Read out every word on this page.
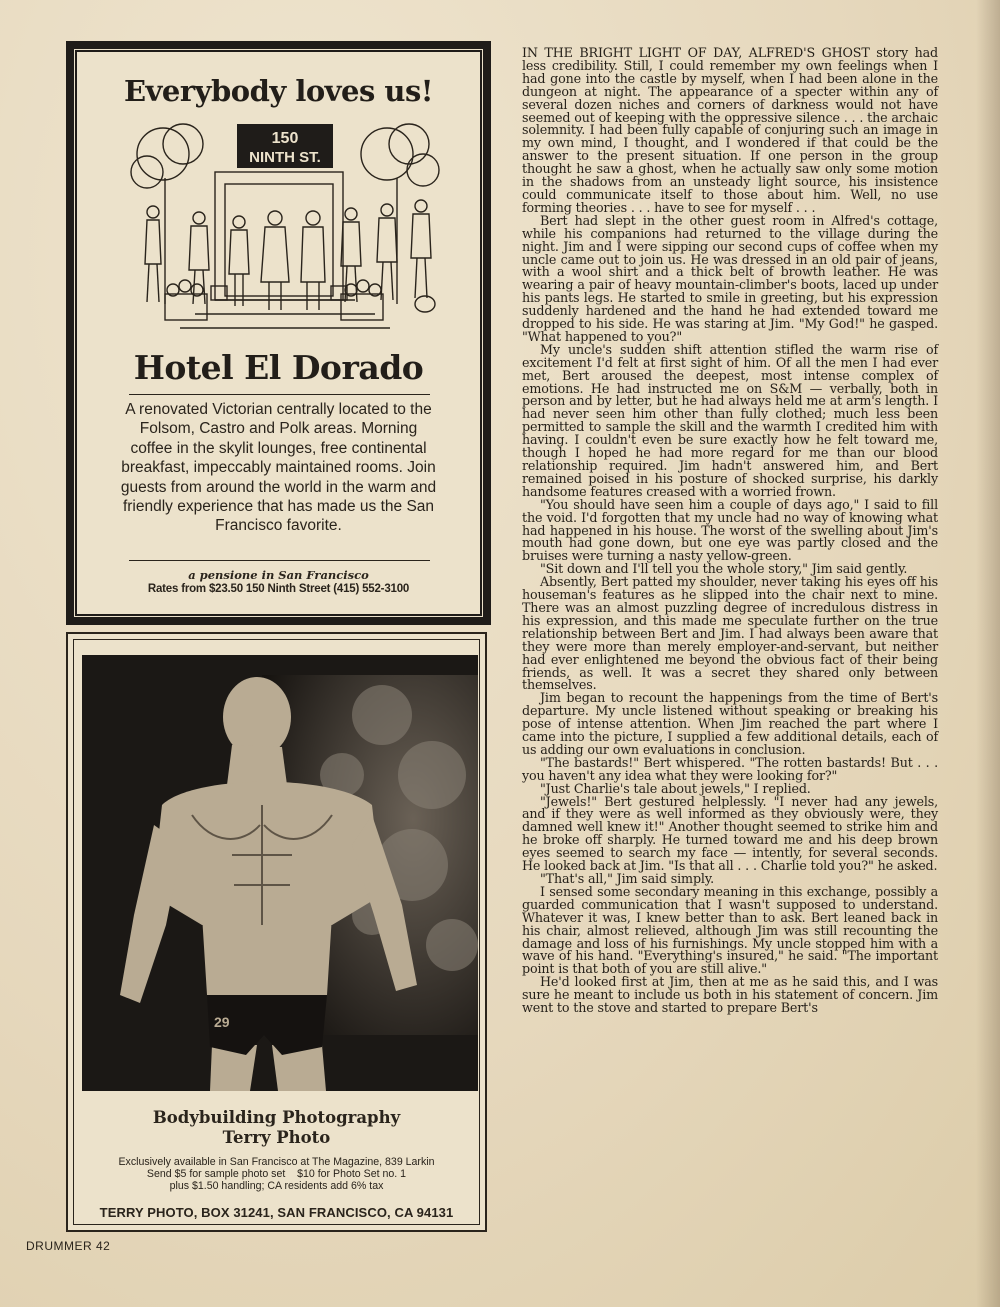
Everybody loves us!
150
NINTH ST.
Hotel El Dorado
A renovated Victorian centrally located to the Folsom, Castro and Polk areas. Morning coffee in the skylit lounges, free continental breakfast, impeccably maintained rooms. Join guests from around the world in the warm and friendly experience that has made us the San Francisco favorite.
a pensione in San Francisco
Rates from $23.50 150 Ninth Street (415) 552-3100
29
Bodybuilding Photography
Terry Photo
Exclusively available in San Francisco at The Magazine, 839 Larkin
Send $5 for sample photo set    $10 for Photo Set no. 1
plus $1.50 handling; CA residents add 6% tax
TERRY PHOTO, BOX 31241, SAN FRANCISCO, CA 94131

IN THE BRIGHT LIGHT OF DAY, ALFRED'S GHOST story had less credibility. Still, I could remember my own feelings when I had gone into the castle by myself, when I had been alone in the dungeon at night. The appearance of a specter within any of several dozen niches and corners of darkness would not have seemed out of keeping with the oppressive silence . . . the archaic solemnity. I had been fully capable of conjuring such an image in my own mind, I thought, and I wondered if that could be the answer to the present situation. If one person in the group thought he saw a ghost, when he actually saw only some motion in the shadows from an unsteady light source, his insistence could communicate itself to those about him. Well, no use forming theories . . . have to see for myself . . .

Bert had slept in the other guest room in Alfred's cottage, while his companions had returned to the village during the night. Jim and I were sipping our second cups of coffee when my uncle came out to join us. He was dressed in an old pair of jeans, with a wool shirt and a thick belt of browth leather. He was wearing a pair of heavy mountain-climber's boots, laced up under his pants legs. He started to smile in greeting, but his expression suddenly hardened and the hand he had extended toward me dropped to his side. He was staring at Jim. "My God!" he gasped. "What happened to you?"

My uncle's sudden shift attention stifled the warm rise of excitement I'd felt at first sight of him. Of all the men I had ever met, Bert aroused the deepest, most intense complex of emotions. He had instructed me on S&M — verbally, both in person and by letter, but he had always held me at arm's length. I had never seen him other than fully clothed; much less been permitted to sample the skill and the warmth I credited him with having. I couldn't even be sure exactly how he felt toward me, though I hoped he had more regard for me than our blood relationship required. Jim hadn't answered him, and Bert remained poised in his posture of shocked surprise, his darkly handsome features creased with a worried frown.

"You should have seen him a couple of days ago," I said to fill the void. I'd forgotten that my uncle had no way of knowing what had happened in his house. The worst of the swelling about Jim's mouth had gone down, but one eye was partly closed and the bruises were turning a nasty yellow-green.

"Sit down and I'll tell you the whole story," Jim said gently.

Absently, Bert patted my shoulder, never taking his eyes off his houseman's features as he slipped into the chair next to mine. There was an almost puzzling degree of incredulous distress in his expression, and this made me speculate further on the true relationship between Bert and Jim. I had always been aware that they were more than merely employer-and-servant, but neither had ever enlightened me beyond the obvious fact of their being friends, as well. It was a secret they shared only between themselves.

Jim began to recount the happenings from the time of Bert's departure. My uncle listened without speaking or breaking his pose of intense attention. When Jim reached the part where I came into the picture, I supplied a few additional details, each of us adding our own evaluations in conclusion.

"The bastards!" Bert whispered. "The rotten bastards! But . . . you haven't any idea what they were looking for?"

"Just Charlie's tale about jewels," I replied.

"Jewels!" Bert gestured helplessly. "I never had any jewels, and if they were as well informed as they obviously were, they damned well knew it!" Another thought seemed to strike him and he broke off sharply. He turned toward me and his deep brown eyes seemed to search my face — intently, for several seconds. He looked back at Jim. "Is that all . . . Charlie told you?" he asked.

"That's all," Jim said simply.

I sensed some secondary meaning in this exchange, possibly a guarded communication that I wasn't supposed to understand. Whatever it was, I knew better than to ask. Bert leaned back in his chair, almost relieved, although Jim was still recounting the damage and loss of his furnishings. My uncle stopped him with a wave of his hand. "Everything's insured," he said. "The important point is that both of you are still alive."

He'd looked first at Jim, then at me as he said this, and I was sure he meant to include us both in his statement of concern. Jim went to the stove and started to prepare Bert's

DRUMMER 42
